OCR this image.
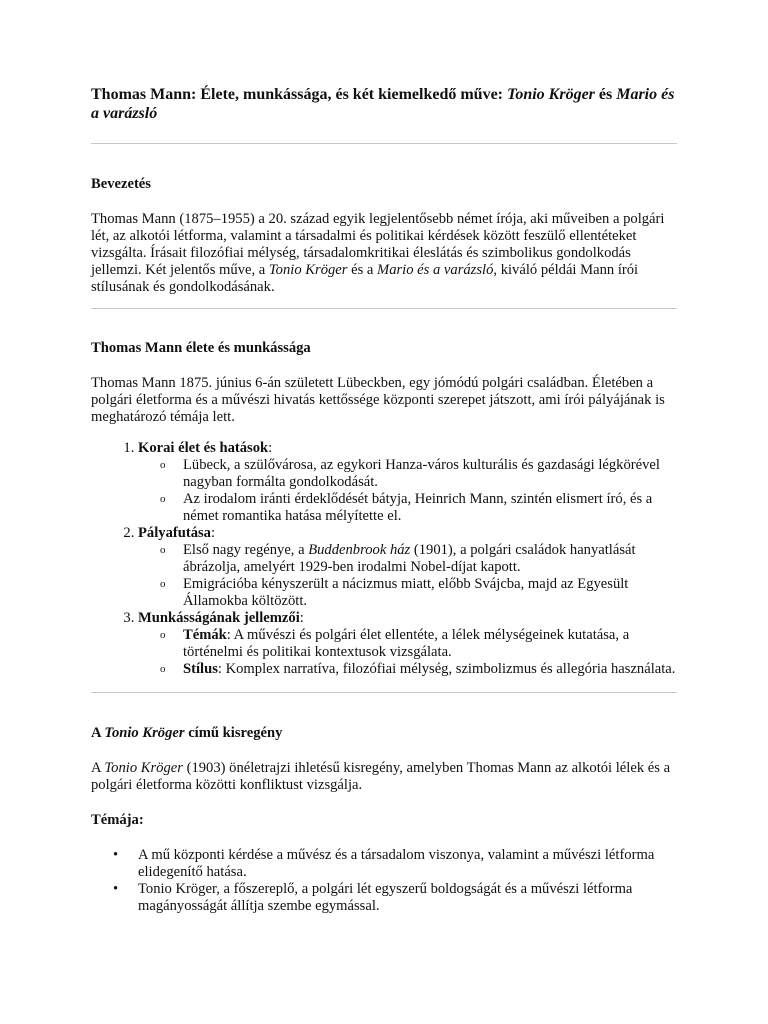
Thomas Mann: Élete, munkássága, és két kiemelkedő műve: Tonio Kröger és Mario és a varázsló
Bevezetés

Thomas Mann (1875–1955) a 20. század egyik legjelentősebb német írója, aki műveiben a polgári lét, az alkotói létforma, valamint a társadalmi és politikai kérdések között feszülő ellentéteket vizsgálta. Írásait filozófiai mélység, társadalomkritikai éleslátás és szimbolikus gondolkodás jellemzi. Két jelentős műve, a Tonio Kröger és a Mario és a varázsló, kiváló példái Mann írói stílusának és gondolkodásának.

Thomas Mann élete és munkássága

Thomas Mann 1875. június 6-án született Lübeckben, egy jómódú polgári családban. Életében a polgári életforma és a művészi hivatás kettőssége központi szerepet játszott, ami írói pályájának is meghatározó témája lett.

1. Korai élet és hatások:
o Lübeck, a szülővárosa, az egykori Hanza-város kulturális és gazdasági légkörével nagyban formálta gondolkodását.
o Az irodalom iránti érdeklődését bátyja, Heinrich Mann, szintén elismert író, és a német romantika hatása mélyítette el.
2. Pályafutása:
o Első nagy regénye, a Buddenbrook ház (1901), a polgári családok hanyatlását ábrázolja, amelyért 1929-ben irodalmi Nobel-díjat kapott.
o Emigrációba kényszerült a nácizmus miatt, előbb Svájcba, majd az Egyesült Államokba költözött.
3. Munkásságának jellemzői:
o Témák: A művészi és polgári élet ellentéte, a lélek mélységeinek kutatása, a történelmi és politikai kontextusok vizsgálata.
o Stílus: Komplex narratíva, filozófiai mélység, szimbolizmus és allegória használata.
A Tonio Kröger című kisregény

A Tonio Kröger (1903) önéletrajzi ihletésű kisregény, amelyben Thomas Mann az alkotói lélek és a polgári életforma közötti konfliktust vizsgálja.

Témája:
• A mű központi kérdése a művész és a társadalom viszonya, valamint a művészi létforma elidegenítő hatása.
• Tonio Kröger, a főszereplő, a polgári lét egyszerű boldogságát és a művészi létforma magányosságát állítja szembe egymással.
